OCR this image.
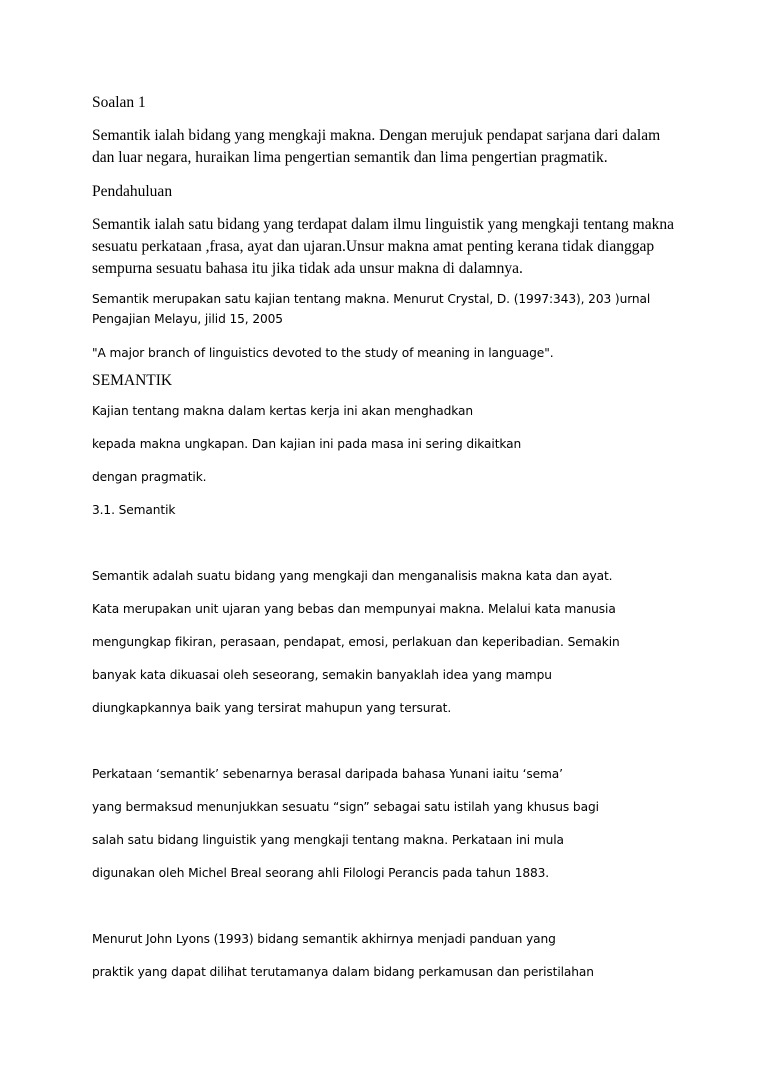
Soalan 1

Semantik ialah bidang yang mengkaji makna. Dengan merujuk pendapat sarjana dari dalam

dan luar negara, huraikan lima pengertian semantik dan lima pengertian pragmatik.

Pendahuluan

Semantik ialah satu bidang yang terdapat dalam ilmu linguistik yang mengkaji tentang makna

sesuatu perkataan ,frasa, ayat dan ujaran.Unsur makna amat penting kerana tidak dianggap

sempurna sesuatu bahasa itu jika tidak ada unsur makna di dalamnya.

Semantik merupakan satu kajian tentang makna. Menurut Crystal, D. (1997:343), 203 )urnal

Pengajian Melayu, jilid 15, 2005

"A major branch of linguistics devoted to the study of meaning in language".

SEMANTIK

Kajian tentang makna dalam kertas kerja ini akan menghadkan

kepada makna ungkapan. Dan kajian ini pada masa ini sering dikaitkan

dengan pragmatik.

3.1. Semantik

Semantik adalah suatu bidang yang mengkaji dan menganalisis makna kata dan ayat.

Kata merupakan unit ujaran yang bebas dan mempunyai makna. Melalui kata manusia

mengungkap fikiran, perasaan, pendapat, emosi, perlakuan dan keperibadian. Semakin

banyak kata dikuasai oleh seseorang, semakin banyaklah idea yang mampu

diungkapkannya baik yang tersirat mahupun yang tersurat.

Perkataan ‘semantik’ sebenarnya berasal daripada bahasa Yunani iaitu ‘sema’

yang bermaksud menunjukkan sesuatu “sign” sebagai satu istilah yang khusus bagi

salah satu bidang linguistik yang mengkaji tentang makna. Perkataan ini mula

digunakan oleh Michel Breal seorang ahli Filologi Perancis pada tahun 1883.

Menurut John Lyons (1993) bidang semantik akhirnya menjadi panduan yang

praktik yang dapat dilihat terutamanya dalam bidang perkamusan dan peristilahan
